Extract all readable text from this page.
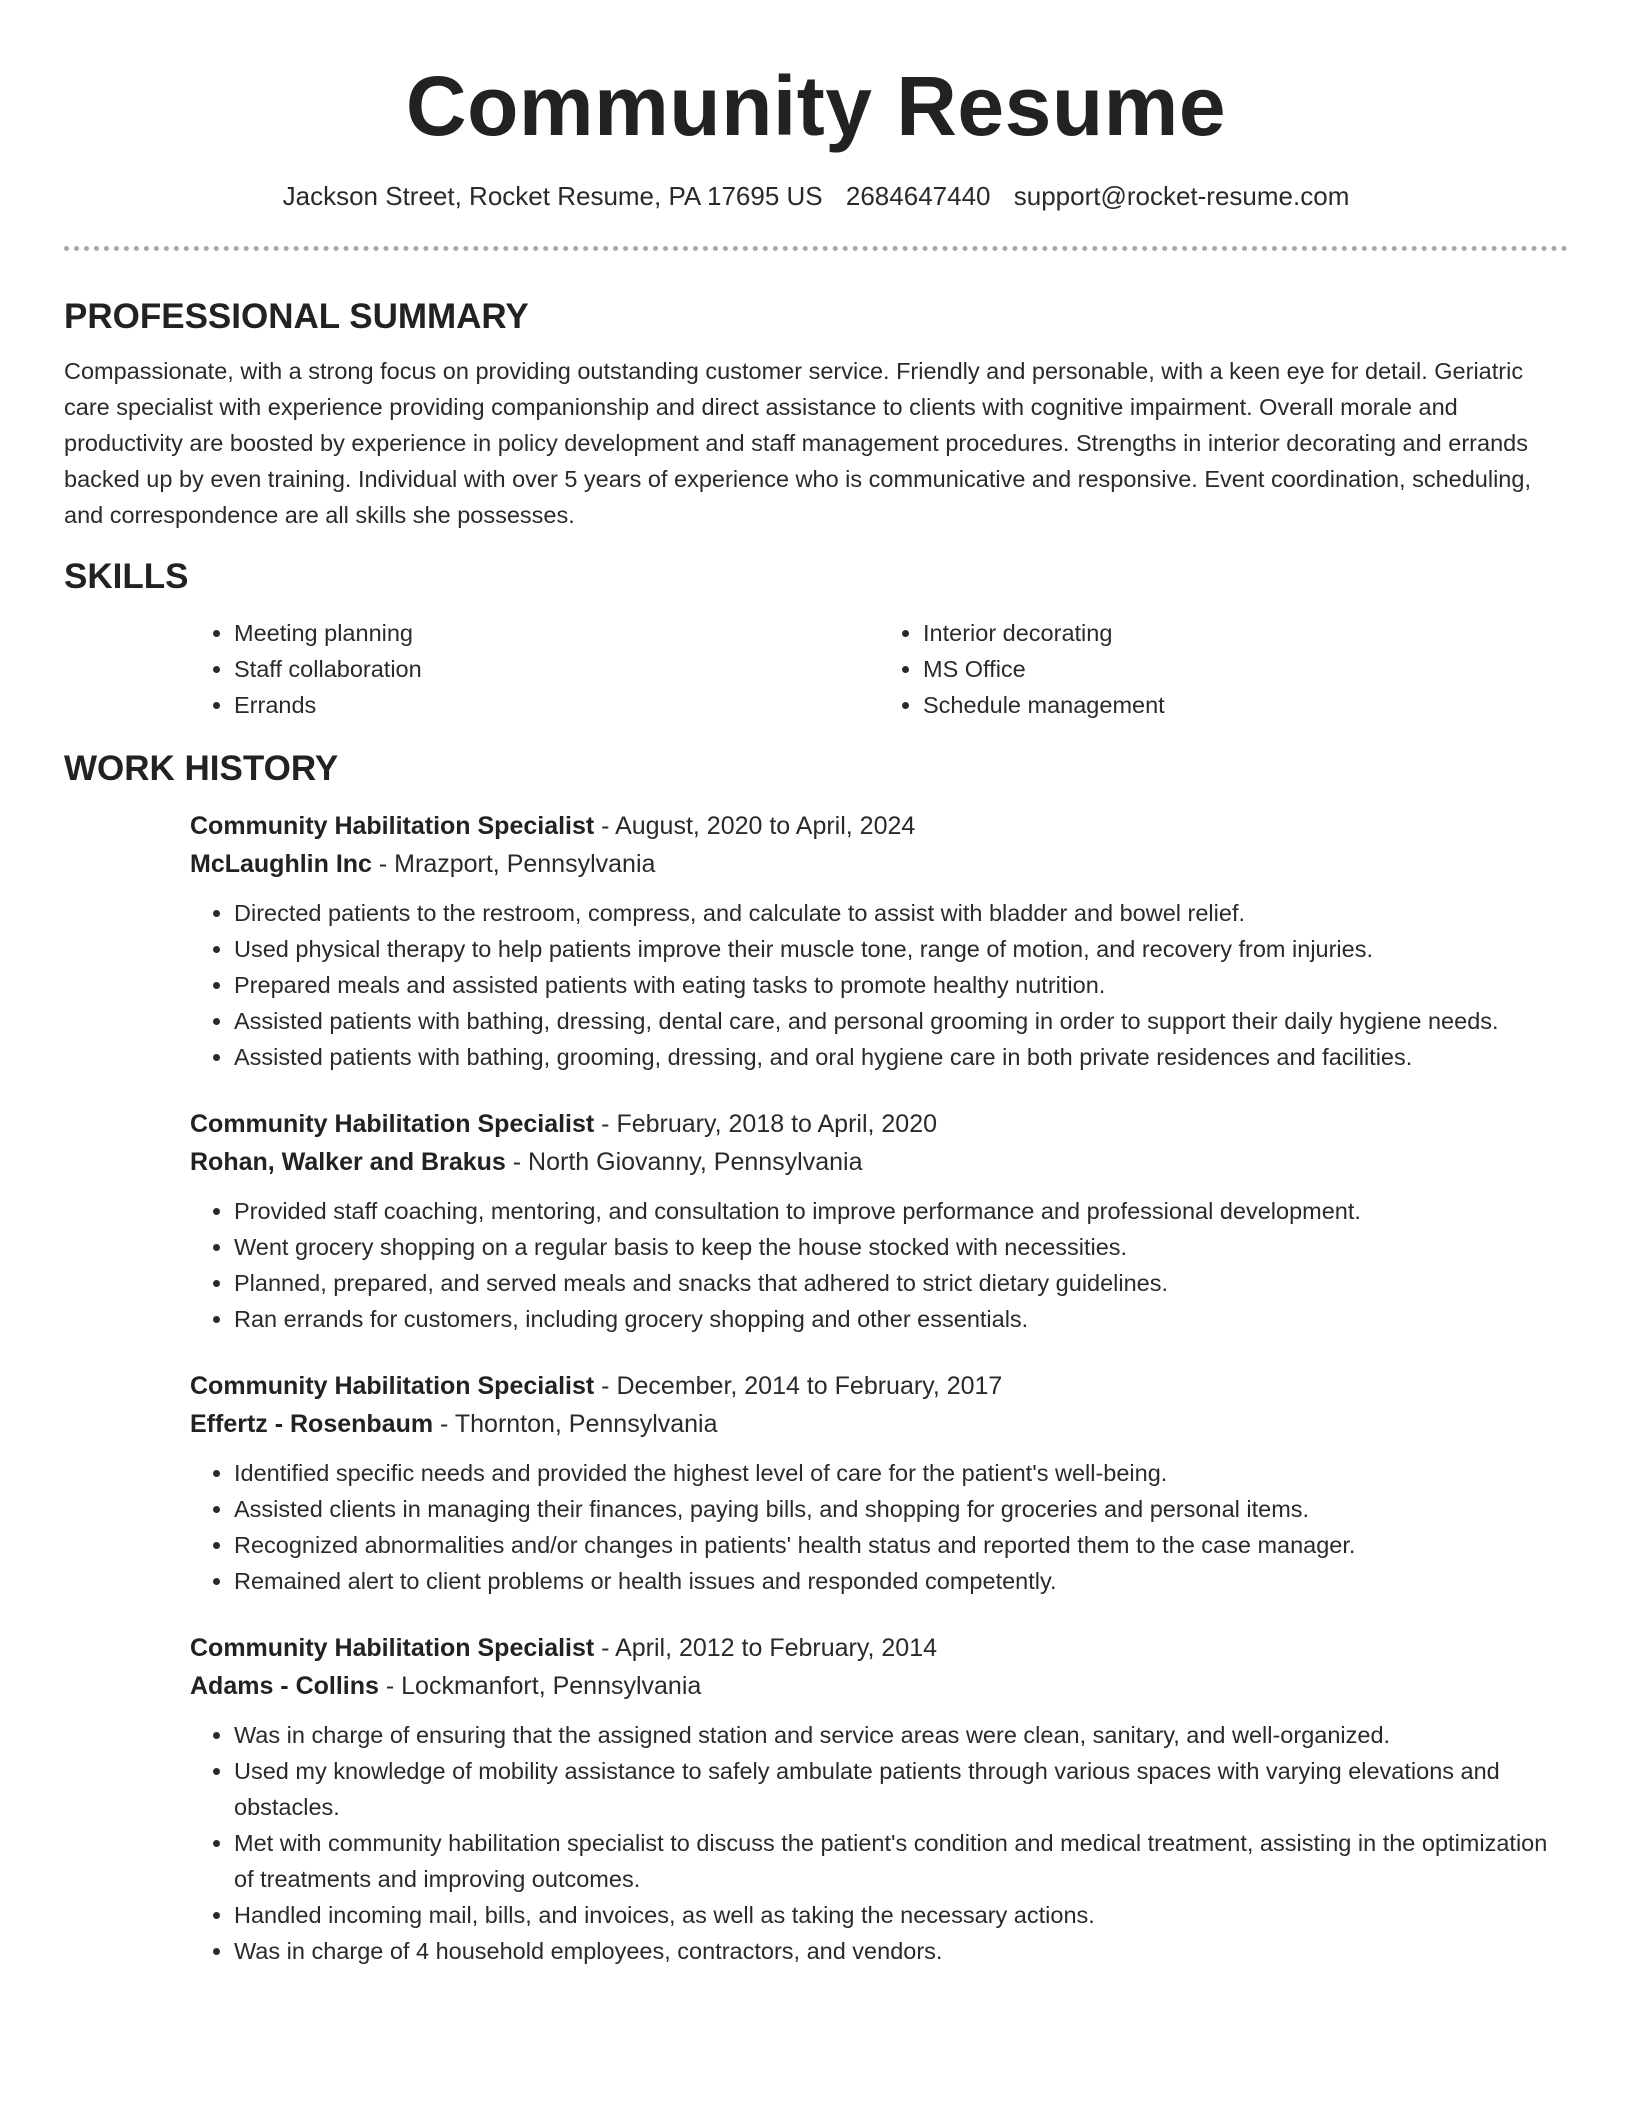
Community Resume
Jackson Street, Rocket Resume, PA 17695 US 2684647440 support@rocket-resume.com
PROFESSIONAL SUMMARY

Compassionate, with a strong focus on providing outstanding customer service. Friendly and personable, with a keen eye for detail. Geriatric care specialist with experience providing companionship and direct assistance to clients with cognitive impairment. Overall morale and productivity are boosted by experience in policy development and staff management procedures. Strengths in interior decorating and errands backed up by even training. Individual with over 5 years of experience who is communicative and responsive. Event coordination, scheduling, and correspondence are all skills she possesses.

SKILLS
• Meeting planning
• Staff collaboration
• Errands
• Interior decorating
• MS Office
• Schedule management
WORK HISTORY
Community Habilitation Specialist - August, 2020 to April, 2024
McLaughlin Inc - Mrazport, Pennsylvania
• Directed patients to the restroom, compress, and calculate to assist with bladder and bowel relief.
• Used physical therapy to help patients improve their muscle tone, range of motion, and recovery from injuries.
• Prepared meals and assisted patients with eating tasks to promote healthy nutrition.
• Assisted patients with bathing, dressing, dental care, and personal grooming in order to support their daily hygiene needs.
• Assisted patients with bathing, grooming, dressing, and oral hygiene care in both private residences and facilities.
Community Habilitation Specialist - February, 2018 to April, 2020
Rohan, Walker and Brakus - North Giovanny, Pennsylvania
• Provided staff coaching, mentoring, and consultation to improve performance and professional development.
• Went grocery shopping on a regular basis to keep the house stocked with necessities.
• Planned, prepared, and served meals and snacks that adhered to strict dietary guidelines.
• Ran errands for customers, including grocery shopping and other essentials.
Community Habilitation Specialist - December, 2014 to February, 2017
Effertz - Rosenbaum - Thornton, Pennsylvania
• Identified specific needs and provided the highest level of care for the patient's well-being.
• Assisted clients in managing their finances, paying bills, and shopping for groceries and personal items.
• Recognized abnormalities and/or changes in patients' health status and reported them to the case manager.
• Remained alert to client problems or health issues and responded competently.
Community Habilitation Specialist - April, 2012 to February, 2014
Adams - Collins - Lockmanfort, Pennsylvania
• Was in charge of ensuring that the assigned station and service areas were clean, sanitary, and well-organized.
• Used my knowledge of mobility assistance to safely ambulate patients through various spaces with varying elevations and obstacles.
• Met with community habilitation specialist to discuss the patient's condition and medical treatment, assisting in the optimization of treatments and improving outcomes.
• Handled incoming mail, bills, and invoices, as well as taking the necessary actions.
• Was in charge of 4 household employees, contractors, and vendors.
